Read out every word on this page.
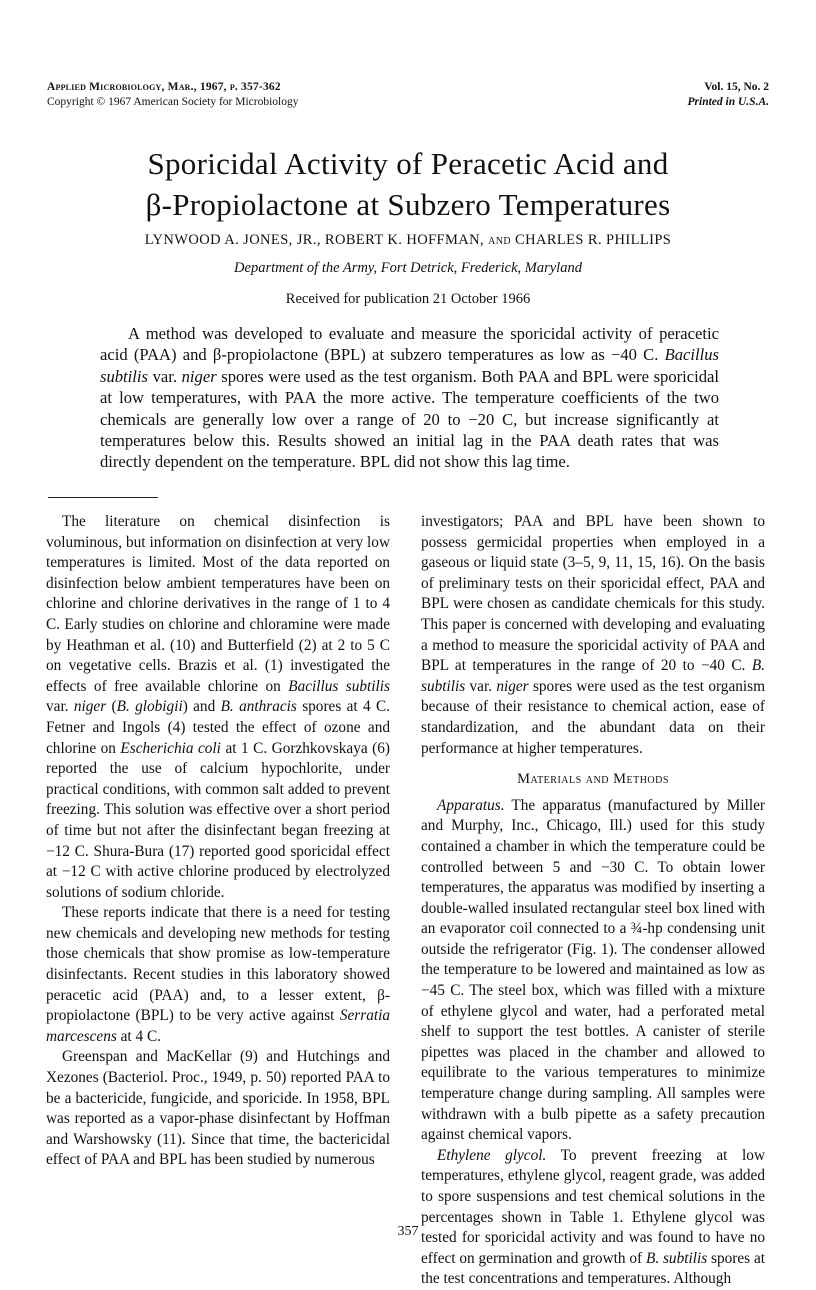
Applied Microbiology, Mar., 1967, p. 357-362
Copyright © 1967 American Society for Microbiology
Vol. 15, No. 2
Printed in U.S.A.
Sporicidal Activity of Peracetic Acid and
β-Propiolactone at Subzero Temperatures
LYNWOOD A. JONES, JR., ROBERT K. HOFFMAN, and CHARLES R. PHILLIPS
Department of the Army, Fort Detrick, Frederick, Maryland
Received for publication 21 October 1966

A method was developed to evaluate and measure the sporicidal activity of peracetic acid (PAA) and β-propiolactone (BPL) at subzero temperatures as low as −40 C. Bacillus subtilis var. niger spores were used as the test organism. Both PAA and BPL were sporicidal at low temperatures, with PAA the more active. The temperature coefficients of the two chemicals are generally low over a range of 20 to −20 C, but increase significantly at temperatures below this. Results showed an initial lag in the PAA death rates that was directly dependent on the temperature. BPL did not show this lag time.

The literature on chemical disinfection is voluminous, but information on disinfection at very low temperatures is limited. Most of the data reported on disinfection below ambient temperatures have been on chlorine and chlorine derivatives in the range of 1 to 4 C. Early studies on chlorine and chloramine were made by Heathman et al. (10) and Butterfield (2) at 2 to 5 C on vegetative cells. Brazis et al. (1) investigated the effects of free available chlorine on Bacillus subtilis var. niger (B. globigii) and B. anthracis spores at 4 C. Fetner and Ingols (4) tested the effect of ozone and chlorine on Escherichia coli at 1 C. Gorzhkovskaya (6) reported the use of calcium hypochlorite, under practical conditions, with common salt added to prevent freezing. This solution was effective over a short period of time but not after the disinfectant began freezing at −12 C. Shura-Bura (17) reported good sporicidal effect at −12 C with active chlorine produced by electrolyzed solutions of sodium chloride.

These reports indicate that there is a need for testing new chemicals and developing new methods for testing those chemicals that show promise as low-temperature disinfectants. Recent studies in this laboratory showed peracetic acid (PAA) and, to a lesser extent, β-propiolactone (BPL) to be very active against Serratia marcescens at 4 C.

Greenspan and MacKellar (9) and Hutchings and Xezones (Bacteriol. Proc., 1949, p. 50) reported PAA to be a bactericide, fungicide, and sporicide. In 1958, BPL was reported as a vapor-phase disinfectant by Hoffman and Warshowsky (11). Since that time, the bactericidal effect of PAA and BPL has been studied by numerous

investigators; PAA and BPL have been shown to possess germicidal properties when employed in a gaseous or liquid state (3–5, 9, 11, 15, 16). On the basis of preliminary tests on their sporicidal effect, PAA and BPL were chosen as candidate chemicals for this study. This paper is concerned with developing and evaluating a method to measure the sporicidal activity of PAA and BPL at temperatures in the range of 20 to −40 C. B. subtilis var. niger spores were used as the test organism because of their resistance to chemical action, ease of standardization, and the abundant data on their performance at higher temperatures.

Materials and Methods

Apparatus. The apparatus (manufactured by Miller and Murphy, Inc., Chicago, Ill.) used for this study contained a chamber in which the temperature could be controlled between 5 and −30 C. To obtain lower temperatures, the apparatus was modified by inserting a double-walled insulated rectangular steel box lined with an evaporator coil connected to a ¾-hp condensing unit outside the refrigerator (Fig. 1). The condenser allowed the temperature to be lowered and maintained as low as −45 C. The steel box, which was filled with a mixture of ethylene glycol and water, had a perforated metal shelf to support the test bottles. A canister of sterile pipettes was placed in the chamber and allowed to equilibrate to the various temperatures to minimize temperature change during sampling. All samples were withdrawn with a bulb pipette as a safety precaution against chemical vapors.

Ethylene glycol. To prevent freezing at low temperatures, ethylene glycol, reagent grade, was added to spore suspensions and test chemical solutions in the percentages shown in Table 1. Ethylene glycol was tested for sporicidal activity and was found to have no effect on germination and growth of B. subtilis spores at the test concentrations and temperatures. Although

357
